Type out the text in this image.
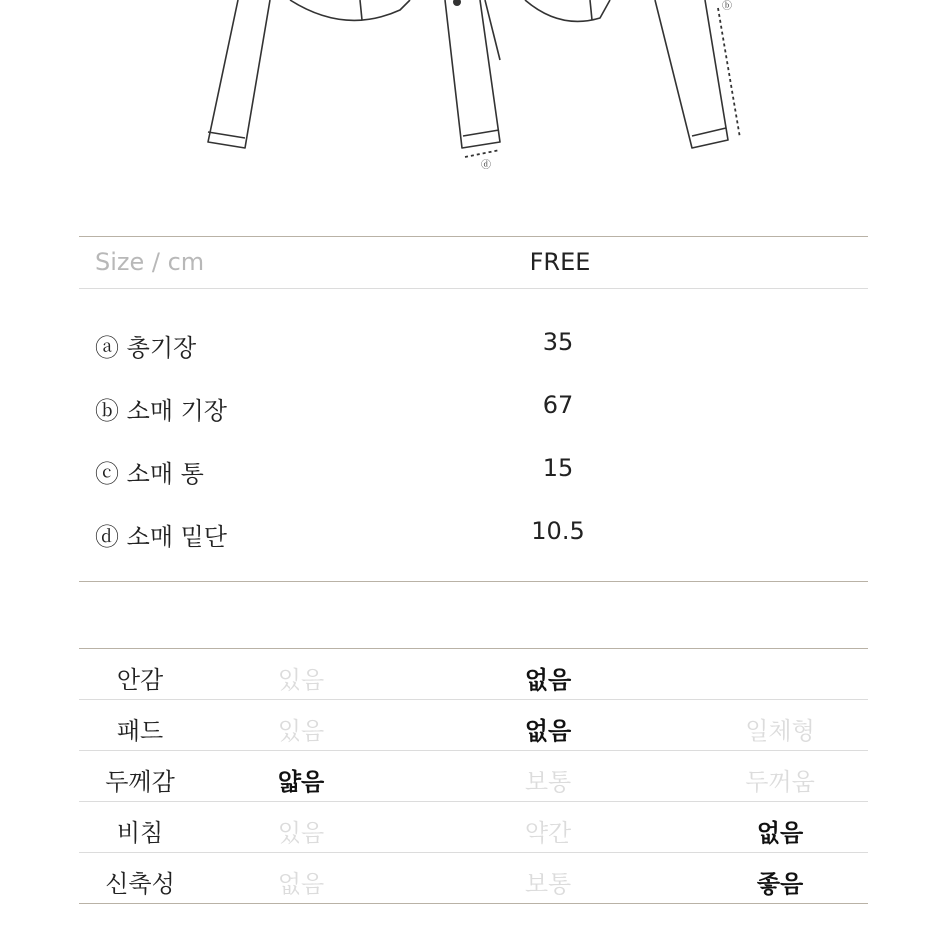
ⓑ
ⓓ
Size / cm	FREE
ⓐ 총기장	35
ⓑ 소매 기장	67
ⓒ 소매 통	15
ⓓ 소매 밑단	10.5
안감	있음	없음
패드	있음	없음	일체형
두께감	얇음	보통	두꺼움
비침	있음	약간	없음
신축성	없음	보통	좋음
